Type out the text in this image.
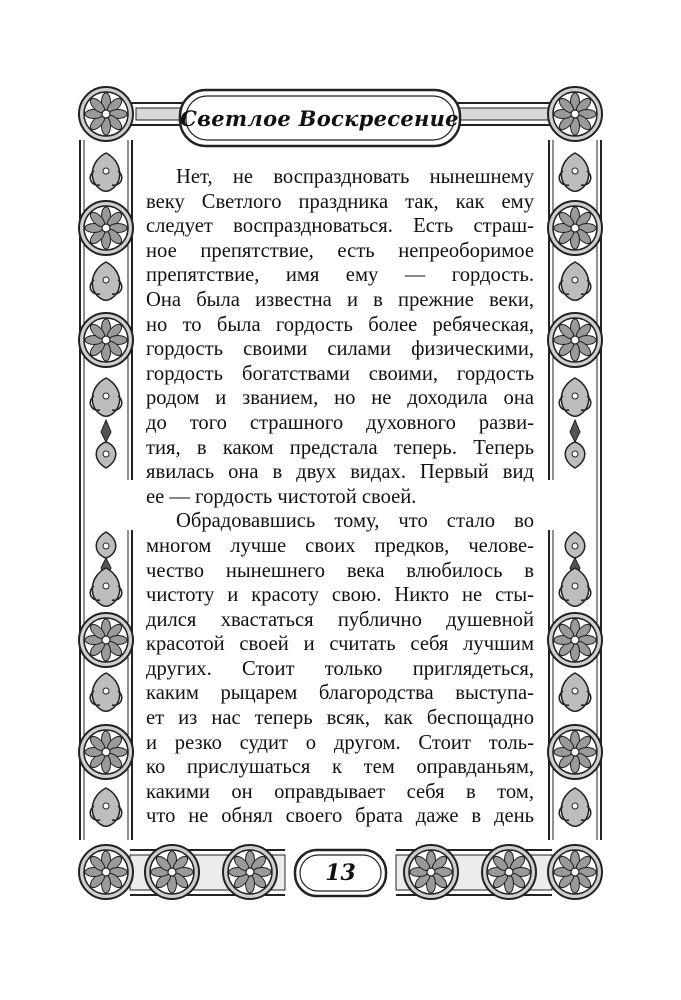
Светлое Воскресение

Нет, не воспраздновать нынешнему
веку Светлого праздника так, как ему
следует воспраздноваться. Есть страш-
ное препятствие, есть непреоборимое
препятствие, имя ему — гордость.
Она была известна и в прежние веки,
но то была гордость более ребяческая,
гордость своими силами физическими,
гордость богатствами своими, гордость
родом и званием, но не доходила она
до того страшного духовного разви-
тия, в каком предстала теперь. Теперь
явилась она в двух видах. Первый вид
ее — гордость чистотой своей.

Обрадовавшись тому, что стало во
многом лучше своих предков, челове-
чество нынешнего века влюбилось в
чистоту и красоту свою. Никто не сты-
дился хвастаться публично душевной
красотой своей и считать себя лучшим
других. Стоит только приглядеться,
каким рыцарем благородства выступа-
ет из нас теперь всяк, как беспощадно
и резко судит о другом. Стоит толь-
ко прислушаться к тем оправданьям,
какими он оправдывает себя в том,
что не обнял своего брата даже в день

13
